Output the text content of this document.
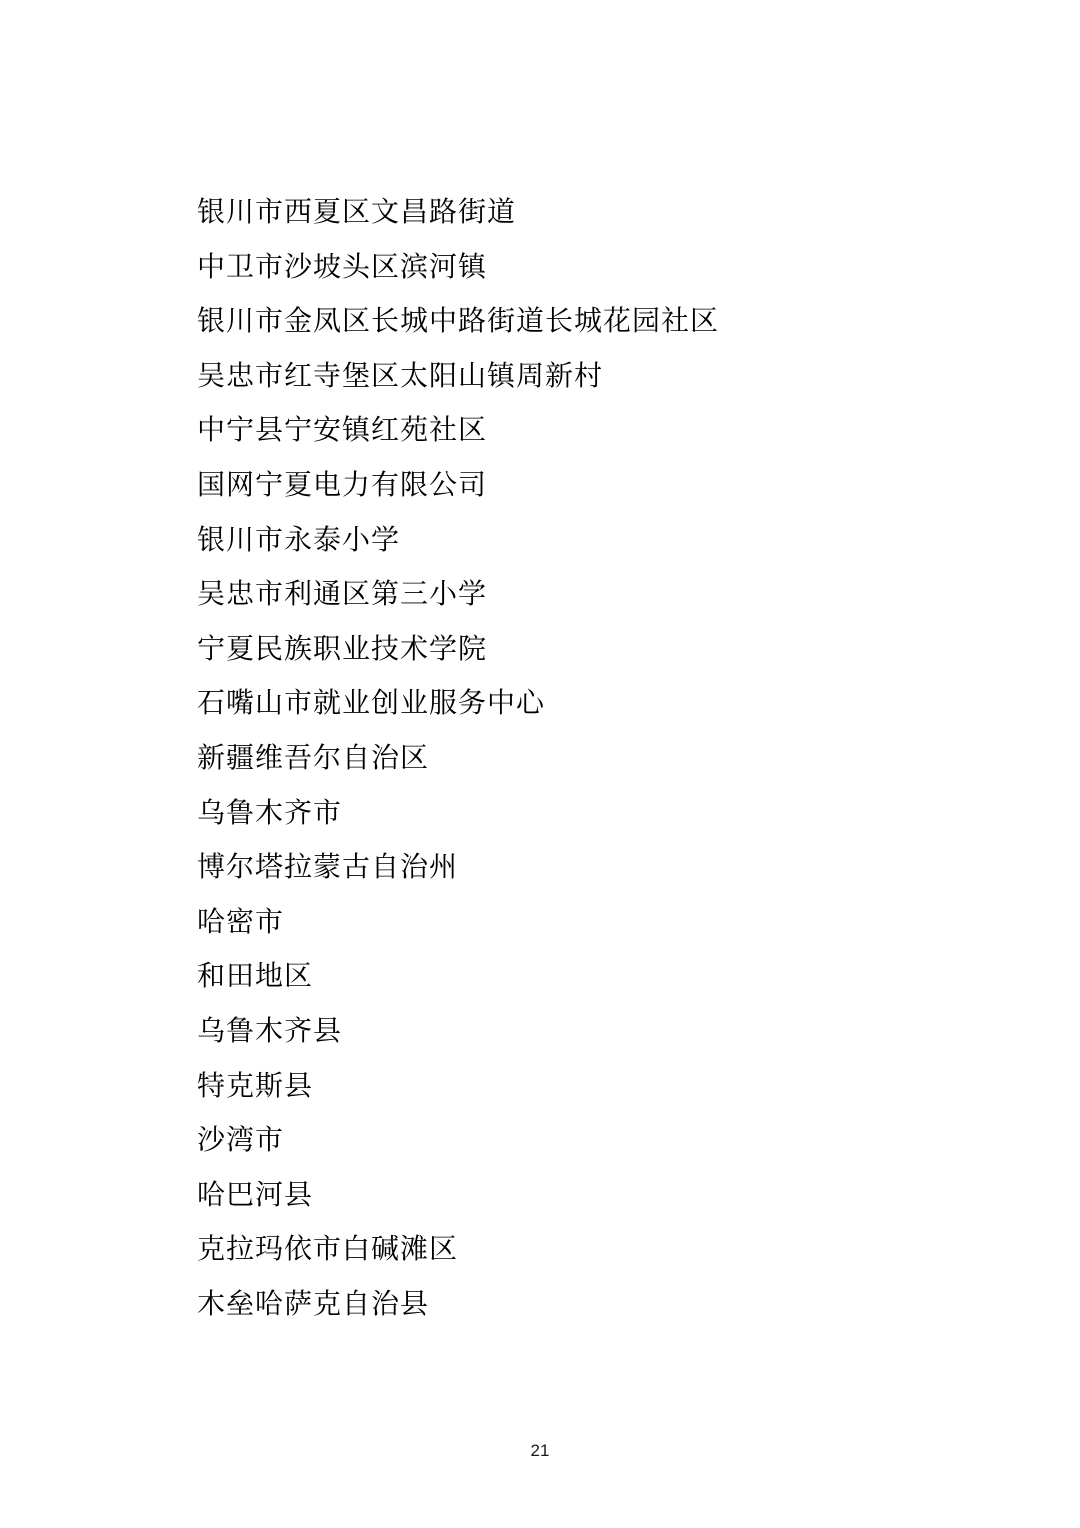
银川市西夏区文昌路街道
中卫市沙坡头区滨河镇
银川市金凤区长城中路街道长城花园社区
吴忠市红寺堡区太阳山镇周新村
中宁县宁安镇红苑社区
国网宁夏电力有限公司
银川市永泰小学
吴忠市利通区第三小学
宁夏民族职业技术学院
石嘴山市就业创业服务中心
新疆维吾尔自治区
乌鲁木齐市
博尔塔拉蒙古自治州
哈密市
和田地区
乌鲁木齐县
特克斯县
沙湾市
哈巴河县
克拉玛依市白碱滩区
木垒哈萨克自治县
21
